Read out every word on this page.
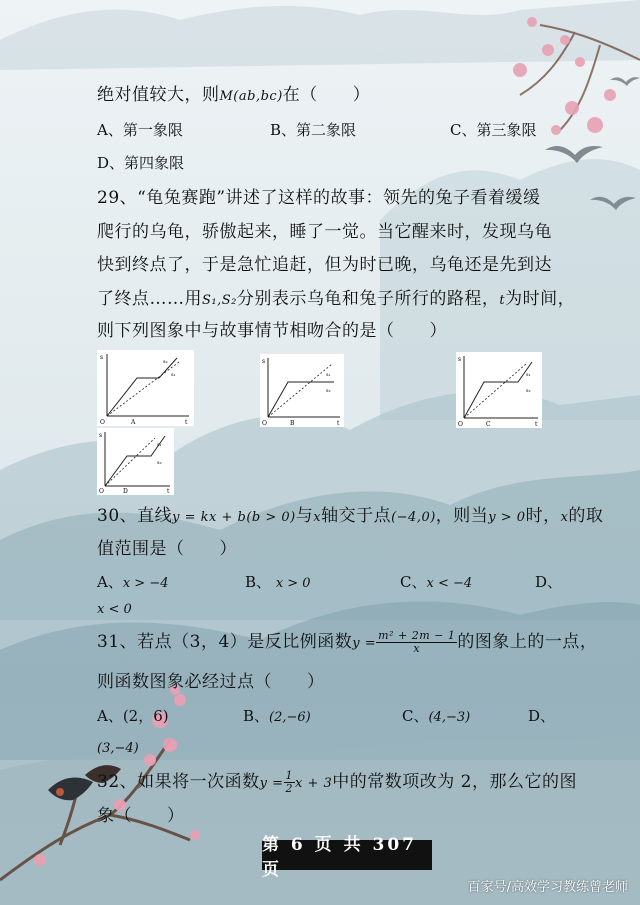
绝对值较大，则M(ab,bc)在（　　）
A、第一象限	B、第二象限	C、第三象限
D、第四象限
29、“龟兔赛跑”讲述了这样的故事：领先的兔子看着缓缓
爬行的乌龟，骄傲起来，睡了一觉。当它醒来时，发现乌龟
快到终点了，于是急忙追赶，但为时已晚，乌龟还是先到达
了终点……用S₁,S₂分别表示乌龟和兔子所行的路程，t为时间，
则下列图象中与故事情节相吻合的是（　　）
s
t
O	A
s₂
s₁
s
t
O	B
s₁
s₂
s
t
O	C
s₁
s₂
s
t
O	D
s₁
s₂
30、直线y = kx + b(b > 0)与x轴交于点(−4,0)，则当y > 0时，x的取
值范围是（　　）
A、x > −4	B、 x > 0	C、x < −4	D、
x < 0
31、若点（3，4）是反比例函数$y = \frac{\text{m² + 2m − 1}}{x}$ 的图象上的一点，
则函数图象必经过点（　　）
A、(2，6)	B、(2,−6)	C、(4,−3)	D、
(3,−4)
32、如果将一次函数$y = \frac{1}{2}$ x + 3中的常数项改为 2，那么它的图
象（　　）
第 6 页 共 307 页
百家号/高效学习教练曾老师
